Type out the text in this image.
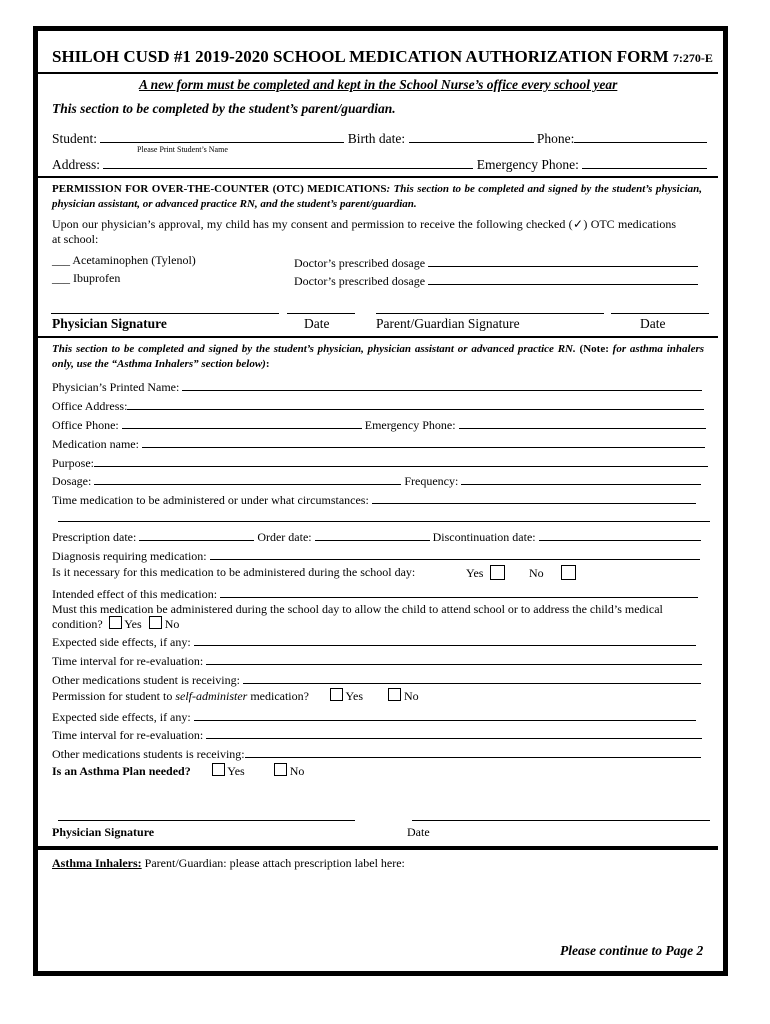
SHILOH CUSD #1 2019-2020 SCHOOL MEDICATION AUTHORIZATION FORM 7:270-E
A new form must be completed and kept in the School Nurse’s office every school year
This section to be completed by the student’s parent/guardian.
Student:	Birth date:	Phone:
Please Print Student’s Name
Address:	Emergency Phone:
PERMISSION FOR OVER-THE-COUNTER (OTC) MEDICATIONS: This section to be completed and signed by the student’s physician, physician assistant, or advanced practice RN, and the student’s parent/guardian.
Upon our physician’s approval, my child has my consent and permission to receive the following checked (✓) OTC medications at school:
___ Acetaminophen (Tylenol)	Doctor’s prescribed dosage
___ Ibuprofen	Doctor’s prescribed dosage
Physician Signature	Date	Parent/Guardian Signature	Date
This section to be completed and signed by the student’s physician, physician assistant or advanced practice RN. (Note: for asthma inhalers only, use the “Asthma Inhalers” section below):
Physician’s Printed Name:
Office Address:
Office Phone:	Emergency Phone:
Medication name:
Purpose:
Dosage:	Frequency:
Time medication to be administered or under what circumstances:
Prescription date:	Order date:	Discontinuation date:
Diagnosis requiring medication:
Is it necessary for this medication to be administered during the school day:	Yes	No
Intended effect of this medication:
Must this medication be administered during the school day to allow the child to attend school or to address the child’s medical condition? Yes No
Expected side effects, if any:
Time interval for re-evaluation:
Other medications student is receiving:
Permission for student to self-administer medication?	Yes	No
Expected side effects, if any:
Time interval for re-evaluation:
Other medications students is receiving:
Is an Asthma Plan needed?	Yes	No
Physician Signature	Date
Asthma Inhalers: Parent/Guardian: please attach prescription label here:
Please continue to Page 2
